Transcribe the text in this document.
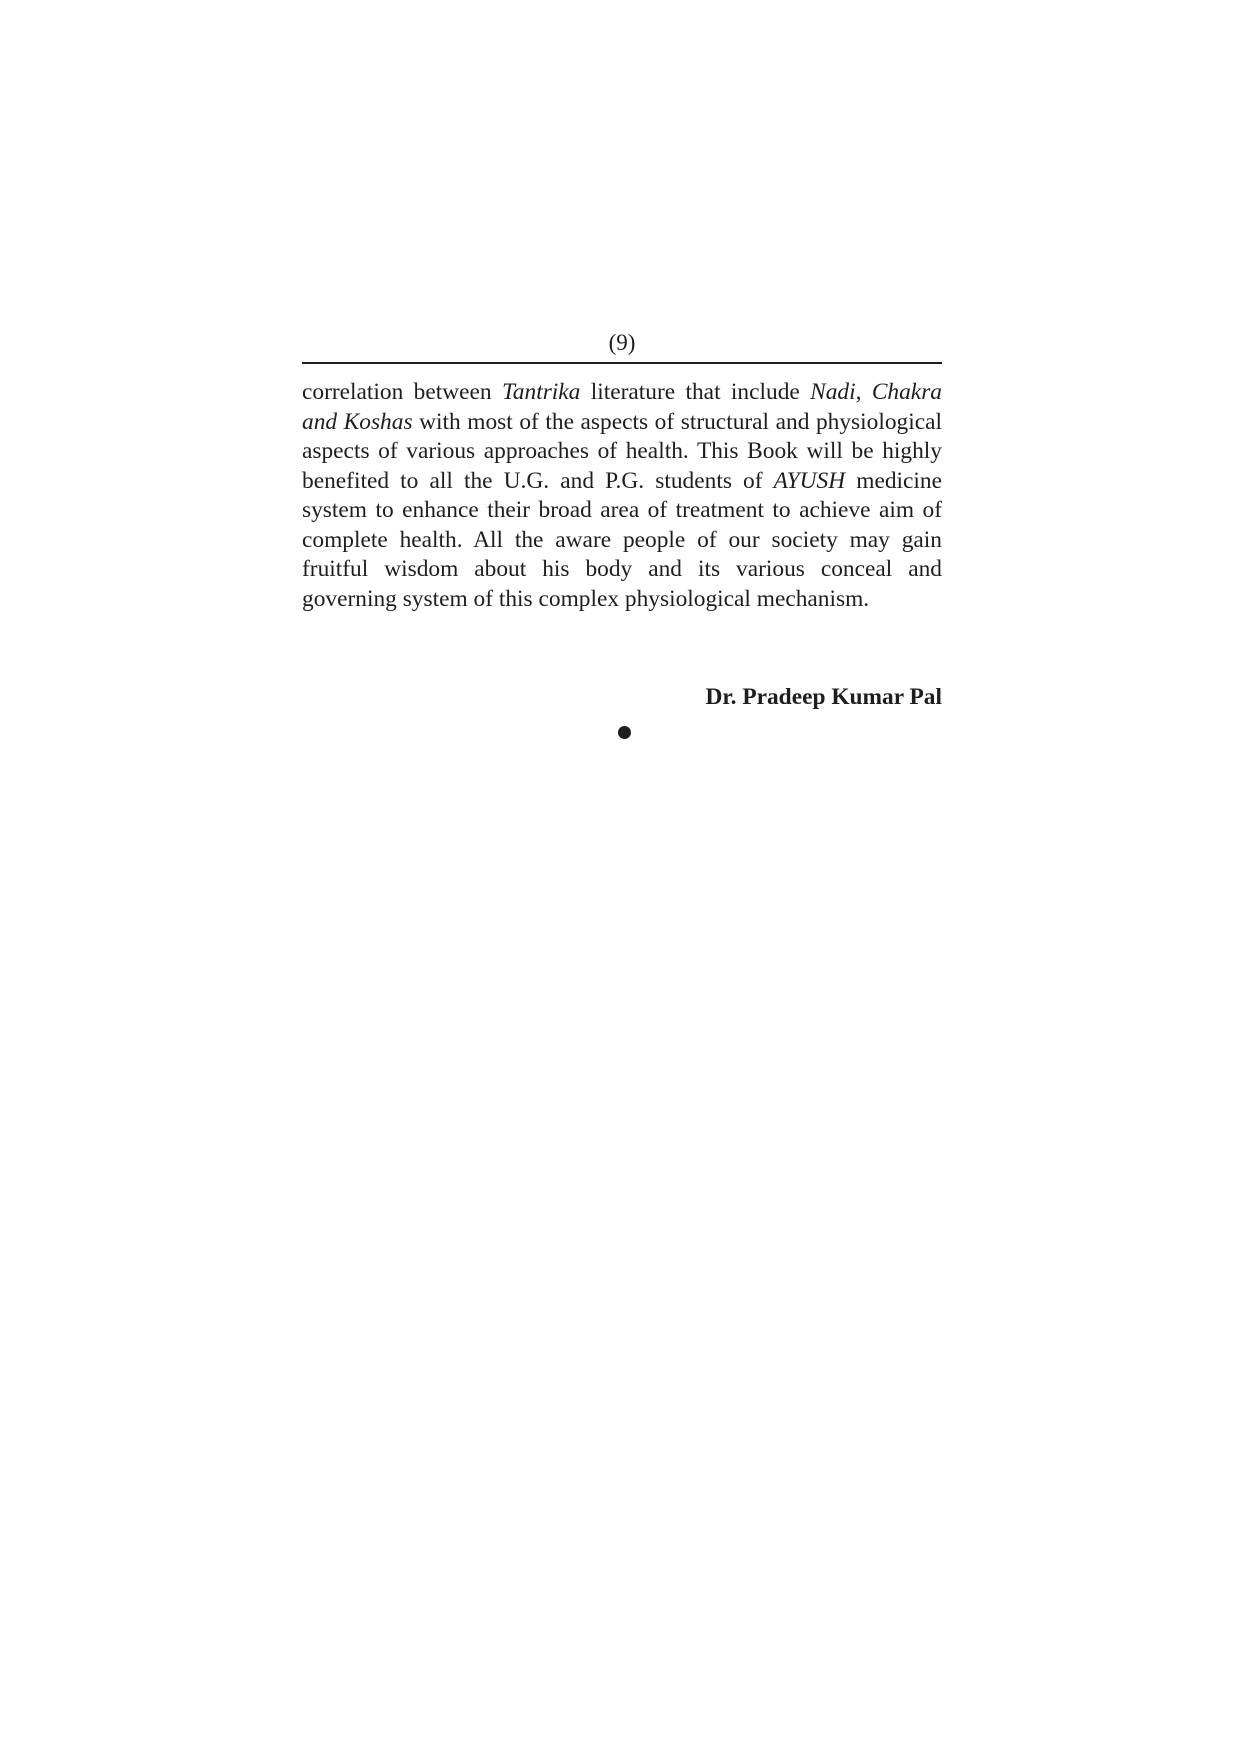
(9)

correlation between Tantrika literature that include Nadi, Chakra and Koshas with most of the aspects of structural and physiological aspects of various approaches of health. This Book will be highly benefited to all the U.G. and P.G. students of AYUSH medicine system to enhance their broad area of treatment to achieve aim of complete health. All the aware people of our society may gain fruitful wisdom about his body and its various conceal and governing system of this complex physiological mechanism.

Dr. Pradeep Kumar Pal
